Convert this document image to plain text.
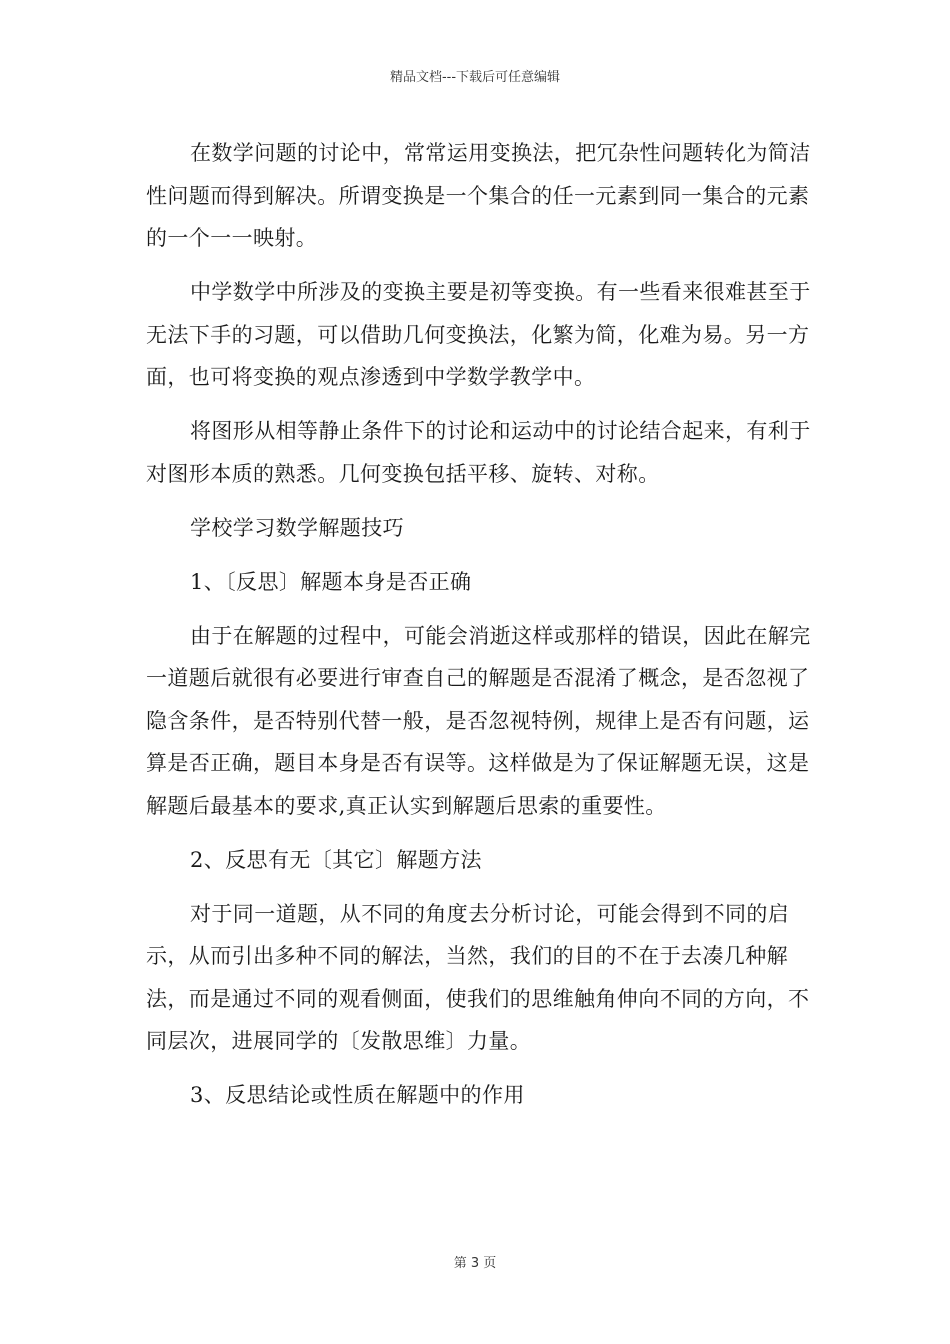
精品文档---下载后可任意编辑

在数学问题的讨论中，常常运用变换法，把冗杂性问题转化为简洁性问题而得到解决。所谓变换是一个集合的任一元素到同一集合的元素的一个一一映射。

中学数学中所涉及的变换主要是初等变换。有一些看来很难甚至于无法下手的习题，可以借助几何变换法，化繁为简，化难为易。另一方面，也可将变换的观点渗透到中学数学教学中。

将图形从相等静止条件下的讨论和运动中的讨论结合起来，有利于对图形本质的熟悉。几何变换包括平移、旋转、对称。

学校学习数学解题技巧

1、〔反思〕解题本身是否正确

由于在解题的过程中，可能会消逝这样或那样的错误，因此在解完一道题后就很有必要进行审查自己的解题是否混淆了概念，是否忽视了隐含条件，是否特别代替一般，是否忽视特例，规律上是否有问题，运算是否正确，题目本身是否有误等。这样做是为了保证解题无误，这是解题后最基本的要求,真正认实到解题后思索的重要性。

2、反思有无〔其它〕解题方法

对于同一道题，从不同的角度去分析讨论，可能会得到不同的启示，从而引出多种不同的解法，当然，我们的目的不在于去凑几种解法，而是通过不同的观看侧面，使我们的思维触角伸向不同的方向，不同层次，进展同学的〔发散思维〕力量。

3、反思结论或性质在解题中的作用

第 3 页
